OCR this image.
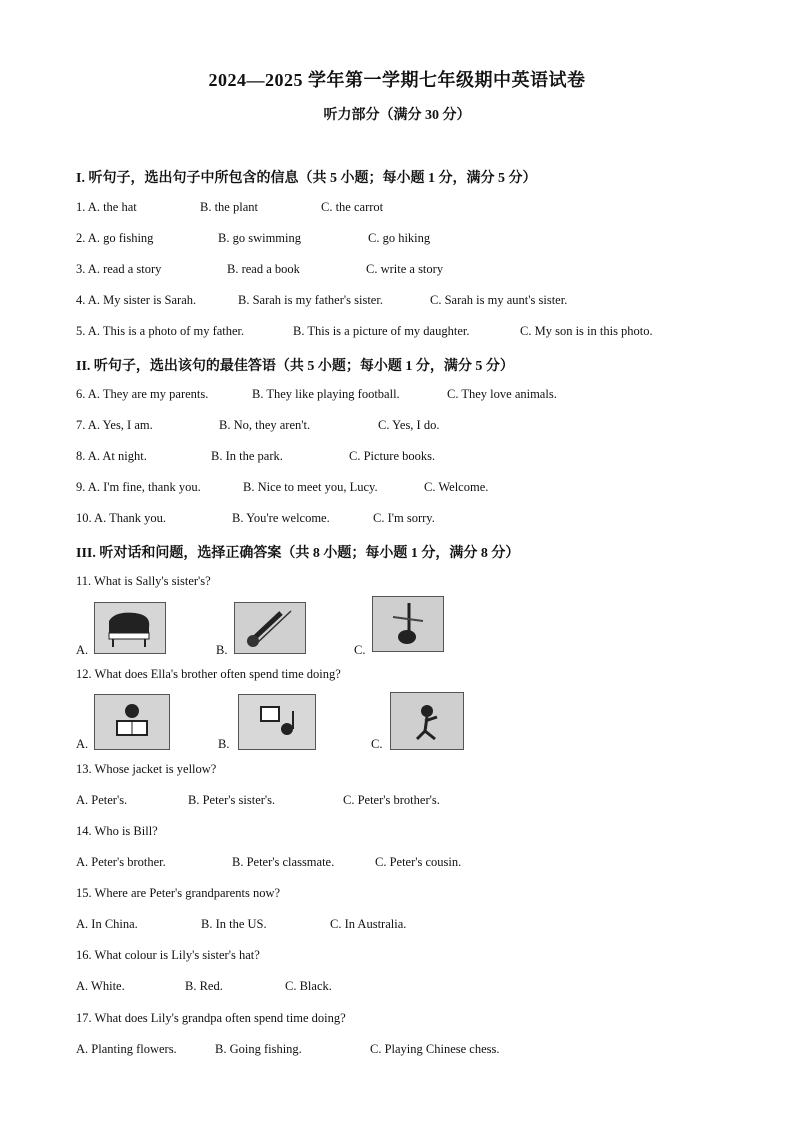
2024—2025 学年第一学期七年级期中英语试卷
听力部分（满分 30 分）
I. 听句子，选出句子中所包含的信息（共 5 小题；每小题 1 分，满分 5 分）
1. A. the hat	B. the plant	C. the carrot
2. A. go fishing	B. go swimming	C. go hiking
3. A. read a story	B. read a book	C. write a story
4. A. My sister is Sarah.	B. Sarah is my father's sister.	C. Sarah is my aunt's sister.
5. A. This is a photo of my father.	B. This is a picture of my daughter.	C. My son is in this photo.
II. 听句子，选出该句的最佳答语（共 5 小题；每小题 1 分，满分 5 分）
6. A. They are my parents.	B. They like playing football.	C. They love animals.
7. A. Yes, I am.	B. No, they aren't.	C. Yes, I do.
8. A. At night.	B. In the park.	C. Picture books.
9. A. I'm fine, thank you.	B. Nice to meet you, Lucy.	C. Welcome.
10. A. Thank you.	B. You're welcome.	C. I'm sorry.
III. 听对话和问题，选择正确答案（共 8 小题；每小题 1 分，满分 8 分）
11. What is Sally's sister's?
A.	B.	C.
12. What does Ella's brother often spend time doing?
A.	B.	C.
13. Whose jacket is yellow?
A. Peter's.	B. Peter's sister's.	C. Peter's brother's.
14. Who is Bill?
A. Peter's brother.	B. Peter's classmate.	C. Peter's cousin.
15. Where are Peter's grandparents now?
A. In China.	B. In the US.	C. In Australia.
16. What colour is Lily's sister's hat?
A. White.	B. Red.	C. Black.
17. What does Lily's grandpa often spend time doing?
A. Planting flowers.	B. Going fishing.	C. Playing Chinese chess.
